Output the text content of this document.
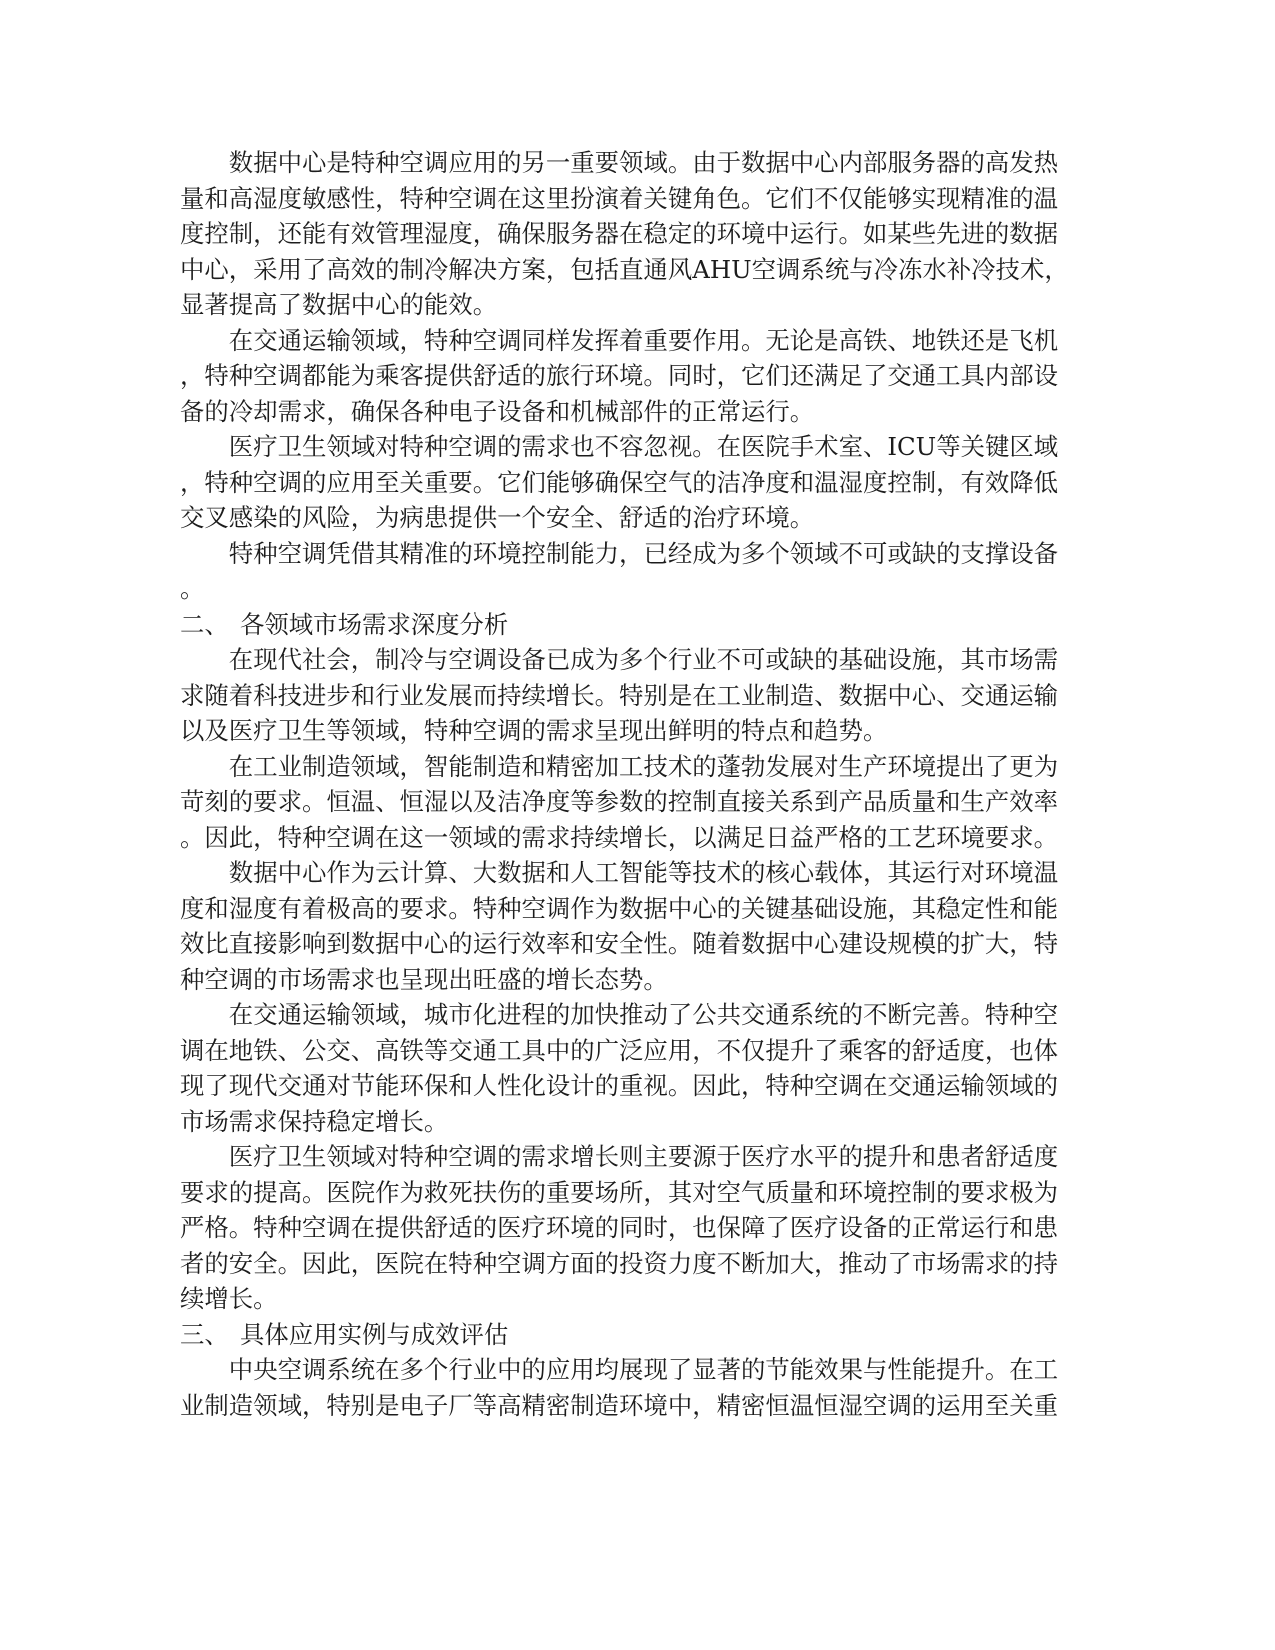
数据中心是特种空调应用的另一重要领域。由于数据中心内部服务器的高发热
量和高湿度敏感性，特种空调在这里扮演着关键角色。它们不仅能够实现精准的温
度控制，还能有效管理湿度，确保服务器在稳定的环境中运行。如某些先进的数据
中心，采用了高效的制冷解决方案，包括直通风AHU空调系统与冷冻水补冷技术，
显著提高了数据中心的能效。
在交通运输领域，特种空调同样发挥着重要作用。无论是高铁、地铁还是飞机
，特种空调都能为乘客提供舒适的旅行环境。同时，它们还满足了交通工具内部设
备的冷却需求，确保各种电子设备和机械部件的正常运行。
医疗卫生领域对特种空调的需求也不容忽视。在医院手术室、ICU等关键区域
，特种空调的应用至关重要。它们能够确保空气的洁净度和温湿度控制，有效降低
交叉感染的风险，为病患提供一个安全、舒适的治疗环境。
特种空调凭借其精准的环境控制能力，已经成为多个领域不可或缺的支撑设备
。
二、 各领域市场需求深度分析
在现代社会，制冷与空调设备已成为多个行业不可或缺的基础设施，其市场需
求随着科技进步和行业发展而持续增长。特别是在工业制造、数据中心、交通运输
以及医疗卫生等领域，特种空调的需求呈现出鲜明的特点和趋势。
在工业制造领域，智能制造和精密加工技术的蓬勃发展对生产环境提出了更为
苛刻的要求。恒温、恒湿以及洁净度等参数的控制直接关系到产品质量和生产效率
。因此，特种空调在这一领域的需求持续增长，以满足日益严格的工艺环境要求。
数据中心作为云计算、大数据和人工智能等技术的核心载体，其运行对环境温
度和湿度有着极高的要求。特种空调作为数据中心的关键基础设施，其稳定性和能
效比直接影响到数据中心的运行效率和安全性。随着数据中心建设规模的扩大，特
种空调的市场需求也呈现出旺盛的增长态势。
在交通运输领域，城市化进程的加快推动了公共交通系统的不断完善。特种空
调在地铁、公交、高铁等交通工具中的广泛应用，不仅提升了乘客的舒适度，也体
现了现代交通对节能环保和人性化设计的重视。因此，特种空调在交通运输领域的
市场需求保持稳定增长。
医疗卫生领域对特种空调的需求增长则主要源于医疗水平的提升和患者舒适度
要求的提高。医院作为救死扶伤的重要场所，其对空气质量和环境控制的要求极为
严格。特种空调在提供舒适的医疗环境的同时，也保障了医疗设备的正常运行和患
者的安全。因此，医院在特种空调方面的投资力度不断加大，推动了市场需求的持
续增长。
三、 具体应用实例与成效评估
中央空调系统在多个行业中的应用均展现了显著的节能效果与性能提升。在工
业制造领域，特别是电子厂等高精密制造环境中，精密恒温恒湿空调的运用至关重
